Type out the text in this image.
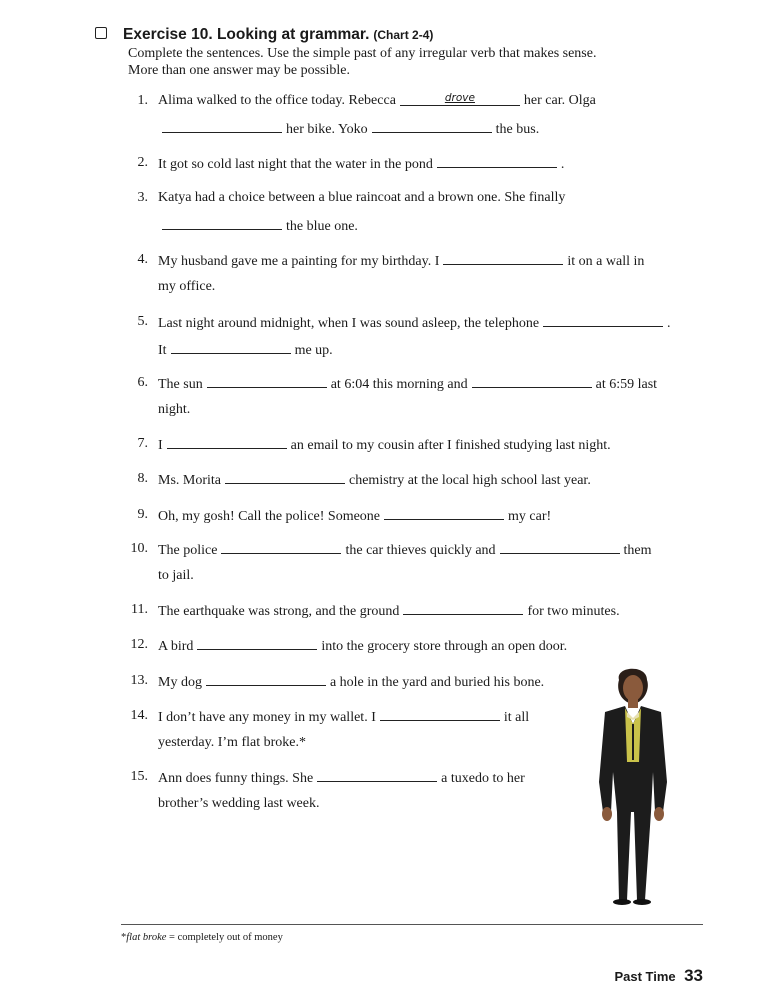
Exercise 10. Looking at grammar. (Chart 2-4)
Complete the sentences. Use the simple past of any irregular verb that makes sense.
More than one answer may be possible.
1. Alima walked to the office today. Rebecca	$^{drove}$	her car. Olga
her bike. Yoko	the bus.
2. It got so cold last night that the water in the pond	.
3. Katya had a choice between a blue raincoat and a brown one. She finally
the blue one.
4. My husband gave me a painting for my birthday. I	it on a wall in
my office.
5. Last night around midnight, when I was sound asleep, the telephone	.
It	me up.
6. The sun	at 6:04 this morning and	at 6:59 last
night.
7. I	an email to my cousin after I finished studying last night.
8. Ms. Morita	chemistry at the local high school last year.
9. Oh, my gosh! Call the police! Someone	my car!
10. The police	the car thieves quickly and	them
to jail.
11. The earthquake was strong, and the ground	for two minutes.
12. A bird	into the grocery store through an open door.
13. My dog	a hole in the yard and buried his bone.
14. I don’t have any money in my wallet. I	it all
yesterday. I’m flat broke.*
15. Ann does funny things. She	a tuxedo to her
brother’s wedding last week.
*flat broke = completely out of money
Past Time 33
